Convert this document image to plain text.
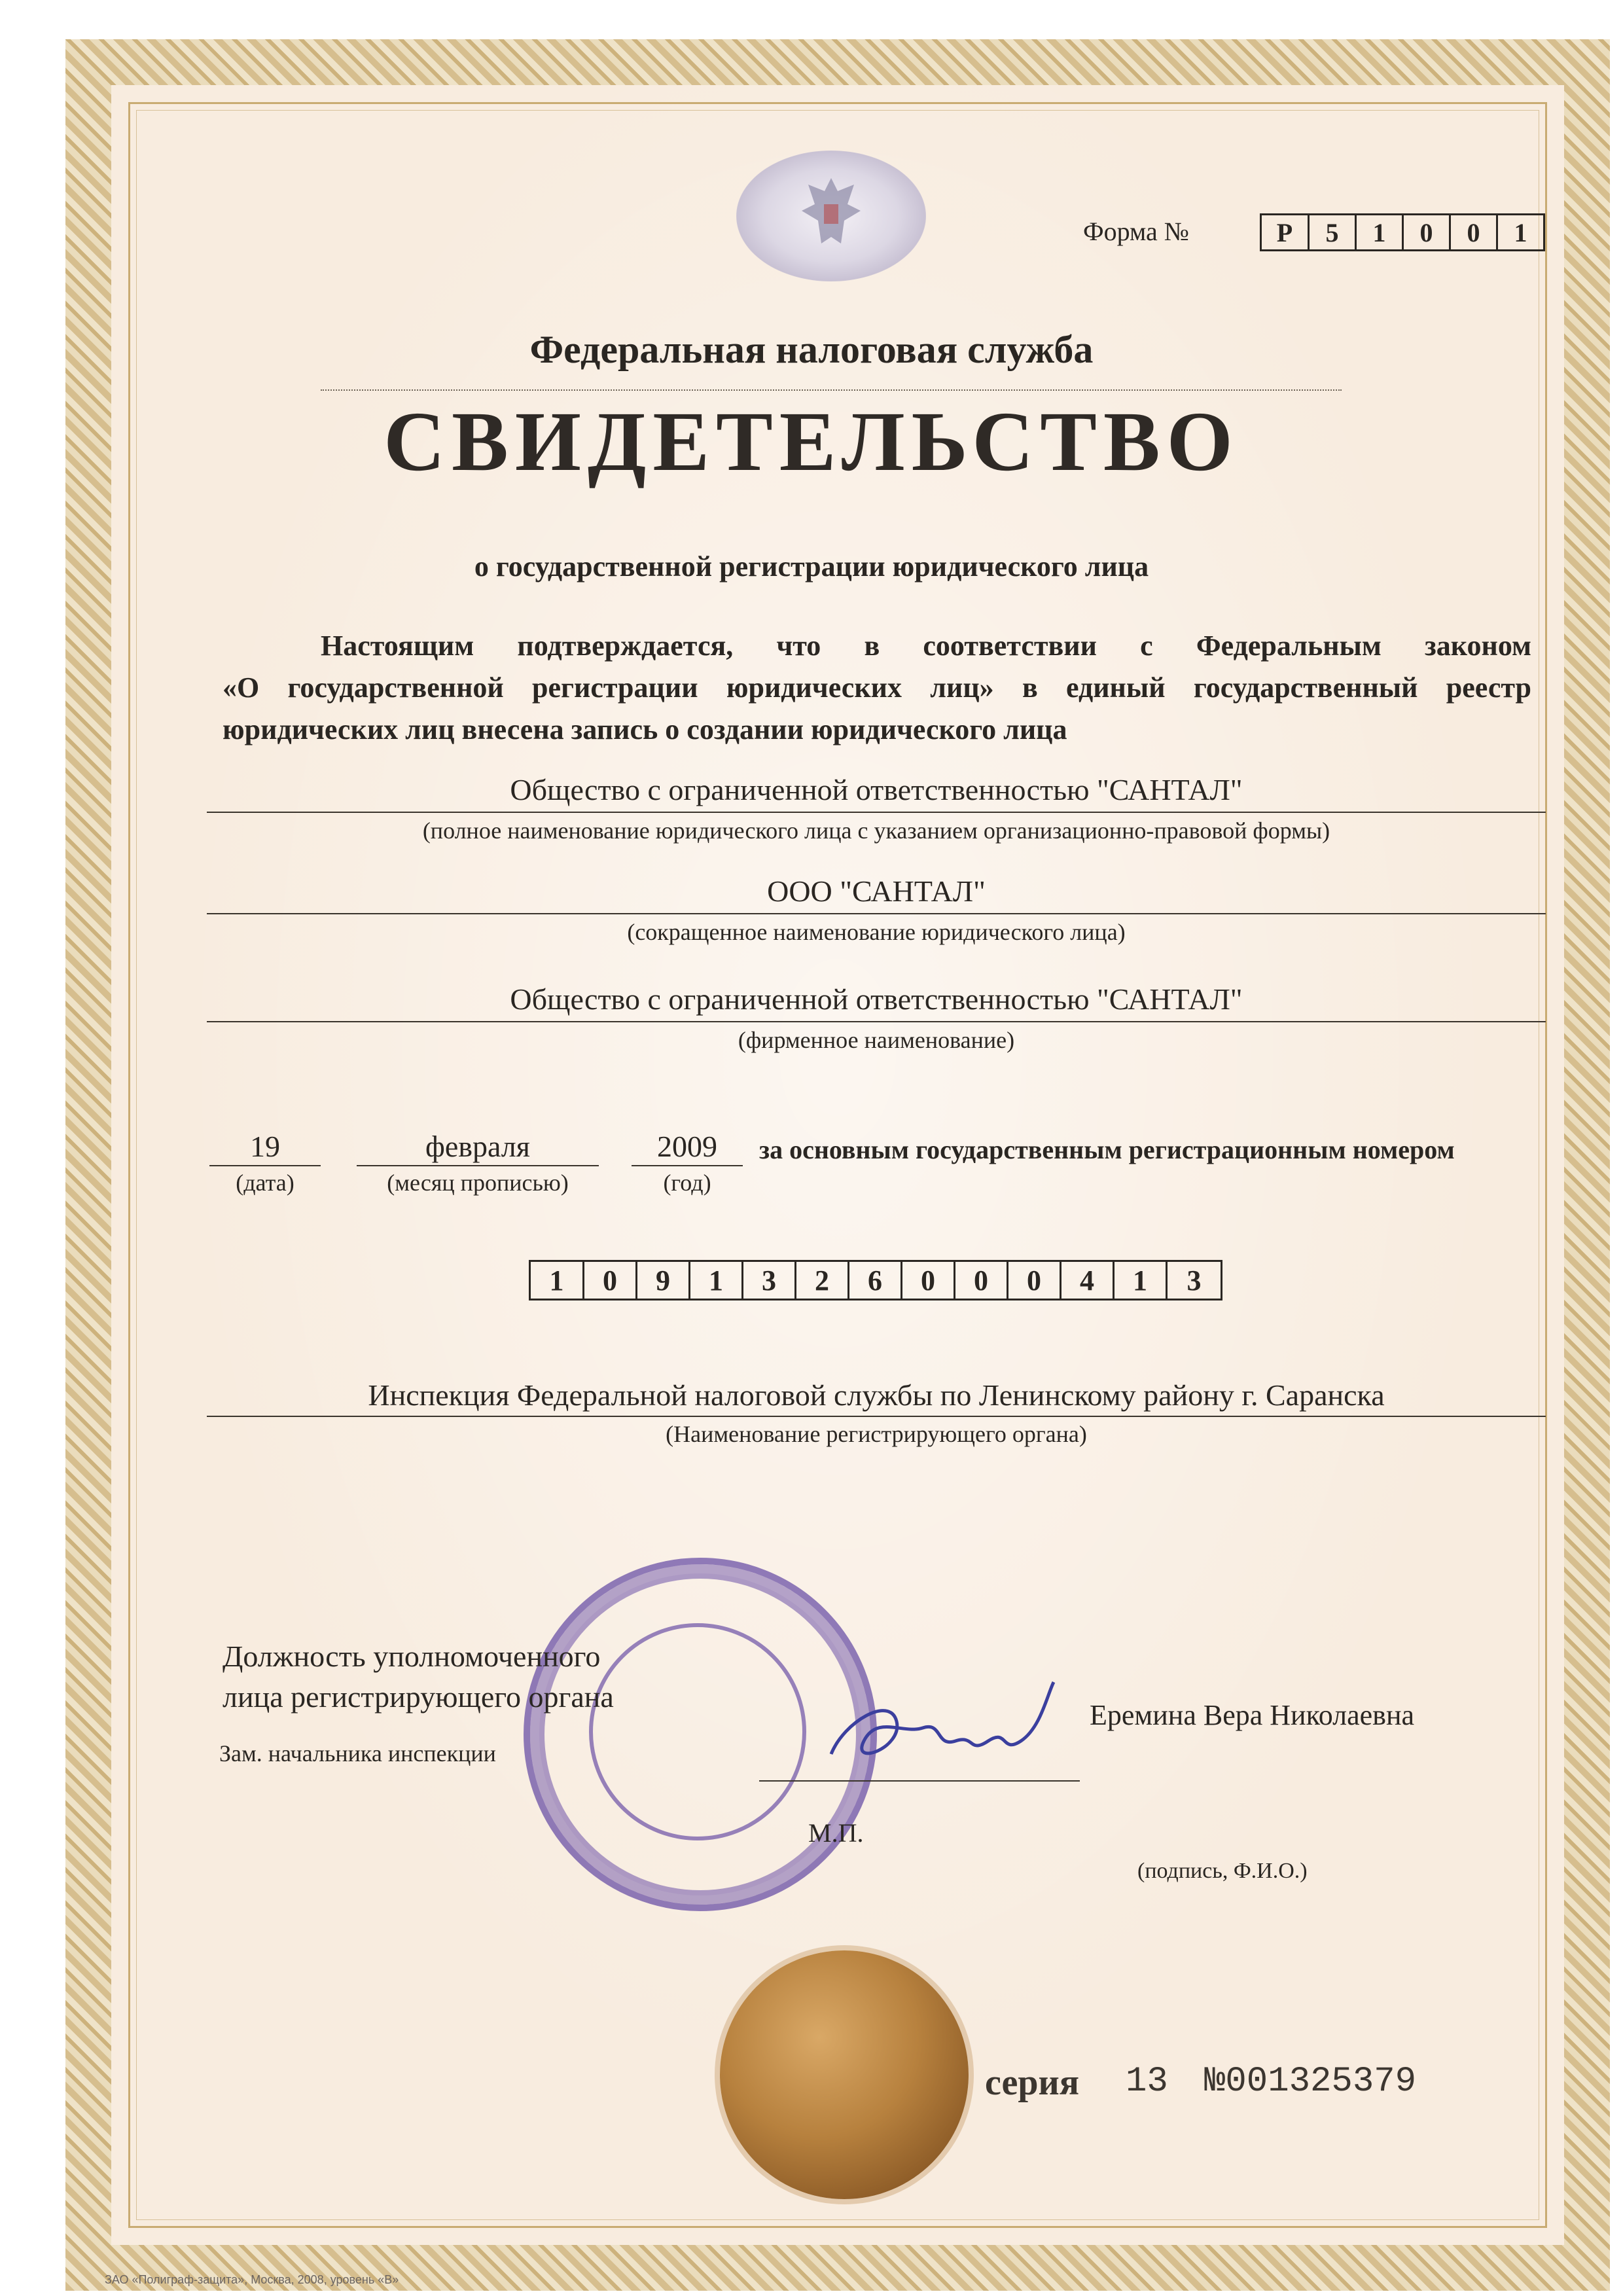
Форма №	Р	5	1	0	0	1
Федеральная налоговая служба
СВИДЕТЕЛЬСТВО
о государственной регистрации юридического лица
Настоящим подтверждается, что в соответствии с Федеральным законом
«О государственной регистрации юридических лиц» в единый государственный реестр
юридических лиц внесена запись о создании юридического лица
Общество с ограниченной ответственностью "САНТАЛ"
(полное наименование юридического лица с указанием организационно-правовой формы)
ООО "САНТАЛ"
(сокращенное наименование юридического лица)
Общество с ограниченной ответственностью "САНТАЛ"
(фирменное наименование)
19
(дата)
февраля
(месяц прописью)
2009
(год)
за основным государственным регистрационным номером
1	0	9	1	3	2	6	0	0	0	4	1	3
Инспекция Федеральной налоговой службы по Ленинскому району г. Саранска
(Наименование регистрирующего органа)
Должность уполномоченного
лица регистрирующего органа
Зам. начальника инспекции
Еремина Вера Николаевна
М.П.
(подпись, Ф.И.О.)
серия 13 №001325379
ЗАО «Полиграф-защита», Москва, 2008, уровень «В»
